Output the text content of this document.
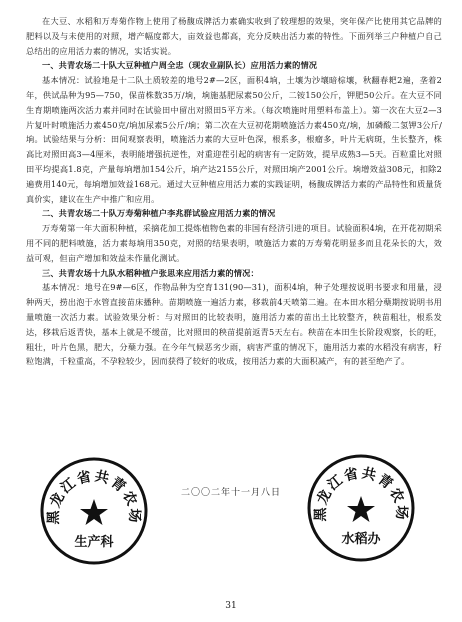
在大豆、水稻和万寿菊作物上使用了杨馥成牌活力素确实收到了较理想的效果，突年保产比使用其它品牌的肥料以及与未使用的对照，增产幅度都大，亩效益也都高，充分反映出活力素的特性。下面列举三户种植户自己总结出的应用活力素的情况，实话实说。

一、共青农场二十队大豆种植户周全忠（现农业副队长）应用活力素的情况

基本情况：试验地是十二队土质较差的地号2#—2区，面积4垧，土壤为沙壤暗棕壤，秋翻春耙2遍，垄着2年，供试品种为95—750，保苗株数35万/垧，垧施基肥尿素50公斤，二铵150公斤，钾肥50公斤。在大豆不同生育期喷施两次活力素并同时在试验田中留出对照田5平方米。（每次喷施时用塑料布盖上）。第一次在大豆2—3片复叶时喷施活力素450克/垧加尿素5公斤/垧；第二次在大豆初花期喷施活力素450克/垧，加磷酸二氢钾3公斤/垧。试验结果与分析：田间观察表明，喷施活力素的大豆叶色深，根系多，根瘤多，叶片无病斑，生长整齐，株高比对照田高3—4厘米，表明能增强抗逆性，对重迎茬引起的病害有一定防效，提早成熟3—5天。百粒重比对照田平均提高1.8克，产量每垧增加154公斤，垧产达2155公斤，对照田垧产2001公斤。垧增效益308元，扣除2遍费用140元，每垧增加效益168元。通过大豆种植应用活力素的实践证明，杨馥成牌活力素的产品特性和质量货真价实，建议在生产中推广和应用。

二、共青农场二十队万寿菊种植户李兆群试验应用活力素的情况

万寿菊第一年大面积种植，采摘花加工提炼植物色素的非国有经济引进的项目。试验面积4垧，在开花初期采用不同的肥料喷施，活力素每垧用350克，对照的结果表明，喷施活力素的万寿菊花明显多而且花朵长的大，效益可观，但亩产增加和效益未作量化测试。

三、共青农场十九队水稻种植户张思来应用活力素的情况：

基本情况：地号在9#—6区，作物品种为空育131(90—31)，面积4垧，种子处理按说明书要求和用量，浸种两天，捞出泡于水管直接苗床播种。苗期喷施一遍活力素，移栽前4天喷第二遍。在本田水稻分蘖期按说明书用量喷施一次活力素。试验效果分析：与对照田的比较表明，施用活力素的苗出土比较整齐，秧苗粗壮，根系发达，移栽后返青快，基本上就是不缓苗，比对照田的秧苗提前返青5天左右。秧苗在本田生长阶段观察，长的旺，粗壮，叶片色黑，肥大，分蘖力强。在今年气候恶劣少雨，病害严重的情况下，施用活力素的水稻没有病害，籽粒饱满，千粒重高，不孕粒较少，因而获得了较好的收成，按用活力素的大面积减产，有的甚至绝产了。

二〇〇二年十一月八日
黑龙江省共青农场
生产科
黑龙江省共青农场
水稻办
31
